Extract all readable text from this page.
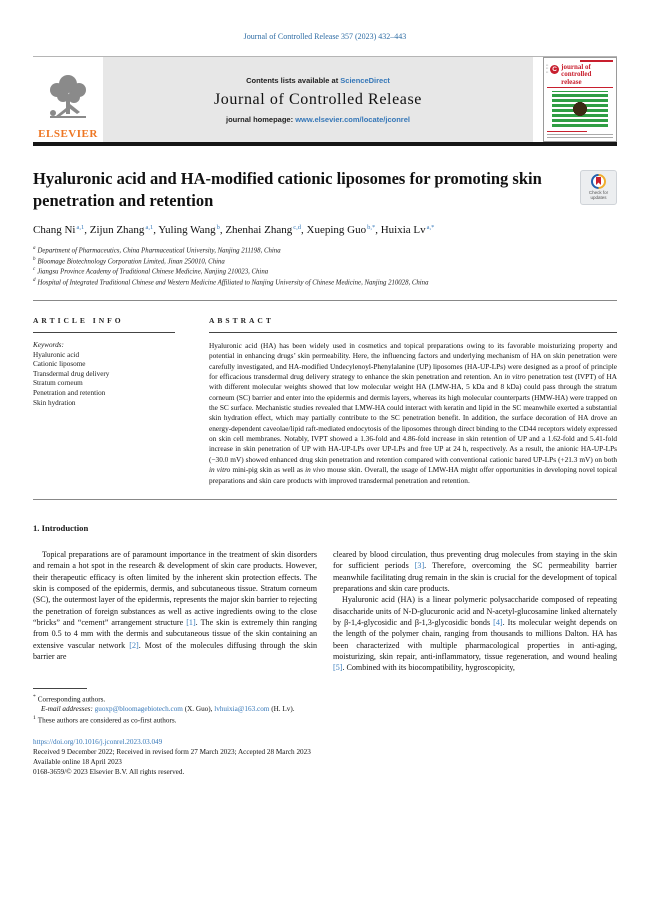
Journal of Controlled Release 357 (2023) 432–443
ELSEVIER
Contents lists available at ScienceDirect
Journal of Controlled Release
journal homepage: www.elsevier.com/locate/jconrel
▪▪
▪▪
▪▪ C journal of controlled release
Hyaluronic acid and HA-modified cationic liposomes for promoting skin penetration and retention	Check for updates
Chang Ni$^{a,1}$, Zijun Zhang$^{a,1}$, Yuling Wang$^b$, Zhenhai Zhang$^{c,d}$, Xueping Guo$^{b,*}$, Huixia $Lv^{a,*}$
$^a$ Department of Pharmaceutics, China Pharmaceutical University, Nanjing 211198, China
$^b$ Bloomage Biotechnology Corporation Limited, Jinan 250010, China
$^c$ Jiangsu Province Academy of Traditional Chinese Medicine, Nanjing 210023, China
$^d$ Hospital of Integrated Traditional Chinese and Western Medicine Affiliated to Nanjing University of Chinese Medicine, Nanjing 210028, China
ARTICLE INFO
Keywords:
Hyaluronic acid
Cationic liposome
Transdermal drug delivery
Stratum corneum
Penetration and retention
Skin hydration
ABSTRACT
Hyaluronic acid (HA) has been widely used in cosmetics and topical preparations owing to its favorable moisturizing property and potential in enhancing drugs’ skin permeability. Here, the influencing factors and underlying mechanism of HA on skin penetration were carefully investigated, and HA-modified Undecylenoyl-Phenylalanine (UP) liposomes (HA-UP-LPs) were designed as a proof of principle for efficacious transdermal drug delivery strategy to enhance the skin penetration and retention. An in vitro penetration test (IVPT) of HA with different molecular weights showed that low molecular weight HA (LMW-HA, 5 kDa and 8 kDa) could pass through the stratum corneum (SC) barrier and enter into the epidermis and dermis layers, whereas its high molecular counterparts (HMW-HA) were trapped on the SC surface. Mechanistic studies revealed that LMW-HA could interact with keratin and lipid in the SC meanwhile exerted a substantial skin hydration effect, which may partially contribute to the SC penetration benefit. In addition, the surface decoration of HA drove an energy-dependent caveolae/lipid raft-mediated endocytosis of the liposomes through direct binding to the CD44 receptors widely expressed on skin cell membranes. Notably, IVPT showed a 1.36-fold and 4.86-fold increase in skin retention of UP and a 1.62-fold and 5.41-fold increase in skin penetration of UP with HA-UP-LPs over UP-LPs and free UP at 24 h, respectively. As a result, the anionic HA-UP-LPs (−30.0 mV) showed enhanced drug skin penetration and retention compared with conventional cationic bared UP-LPs (+21.3 mV) on both in vitro mini-pig skin as well as in vivo mouse skin. Overall, the usage of LMW-HA might offer opportunities in developing novel topical preparations and skin care products with improved transdermal penetration and retention.
1. Introduction

Topical preparations are of paramount importance in the treatment of skin disorders and remain a hot spot in the research & development of skin care products. However, their therapeutic efficacy is often limited by the inherent skin protection effects. The skin is composed of the epidermis, dermis, and subcutaneous tissue. Stratum corneum (SC), the outermost layer of the epidermis, represents the major skin barrier to rejecting the penetration of foreign substances as well as active ingredients owing to the close “bricks” and “cement” arrangement structure [1]. The skin is extremely thin ranging from 0.5 to 4 mm with the dermis and subcutaneous tissue of the skin containing an extensive vascular network [2]. Most of the molecules diffusing through the skin barrier are

cleared by blood circulation, thus preventing drug molecules from staying in the skin for sufficient periods [3]. Therefore, overcoming the SC permeability barrier meanwhile facilitating drug remain in the skin is crucial for the development of topical preparations and skin care products.

Hyaluronic acid (HA) is a linear polymeric polysaccharide composed of repeating disaccharide units of N-D-glucuronic acid and N-acetyl-glucosamine linked alternately by β-1,4-glycosidic and β-1,3-glycosidic bonds [4]. Its molecular weight depends on the length of the polymer chain, ranging from thousands to millions Dalton. HA has been characterized with multiple pharmacological properties in anti-aging, moisturizing, skin repair, anti-inflammatory, tissue regeneration, and wound healing [5]. Combined with its biocompatibility, hygroscopicity,

* Corresponding authors.
E-mail addresses: guoxp@bloomagebiotech.com (X. Guo), lvhuixia@163.com (H. Lv).
$^1$ These authors are considered as co-first authors.
https://doi.org/10.1016/j.jconrel.2023.03.049
Received 9 December 2022; Received in revised form 27 March 2023; Accepted 28 March 2023
Available online 18 April 2023
0168-3659/© 2023 Elsevier B.V. All rights reserved.
